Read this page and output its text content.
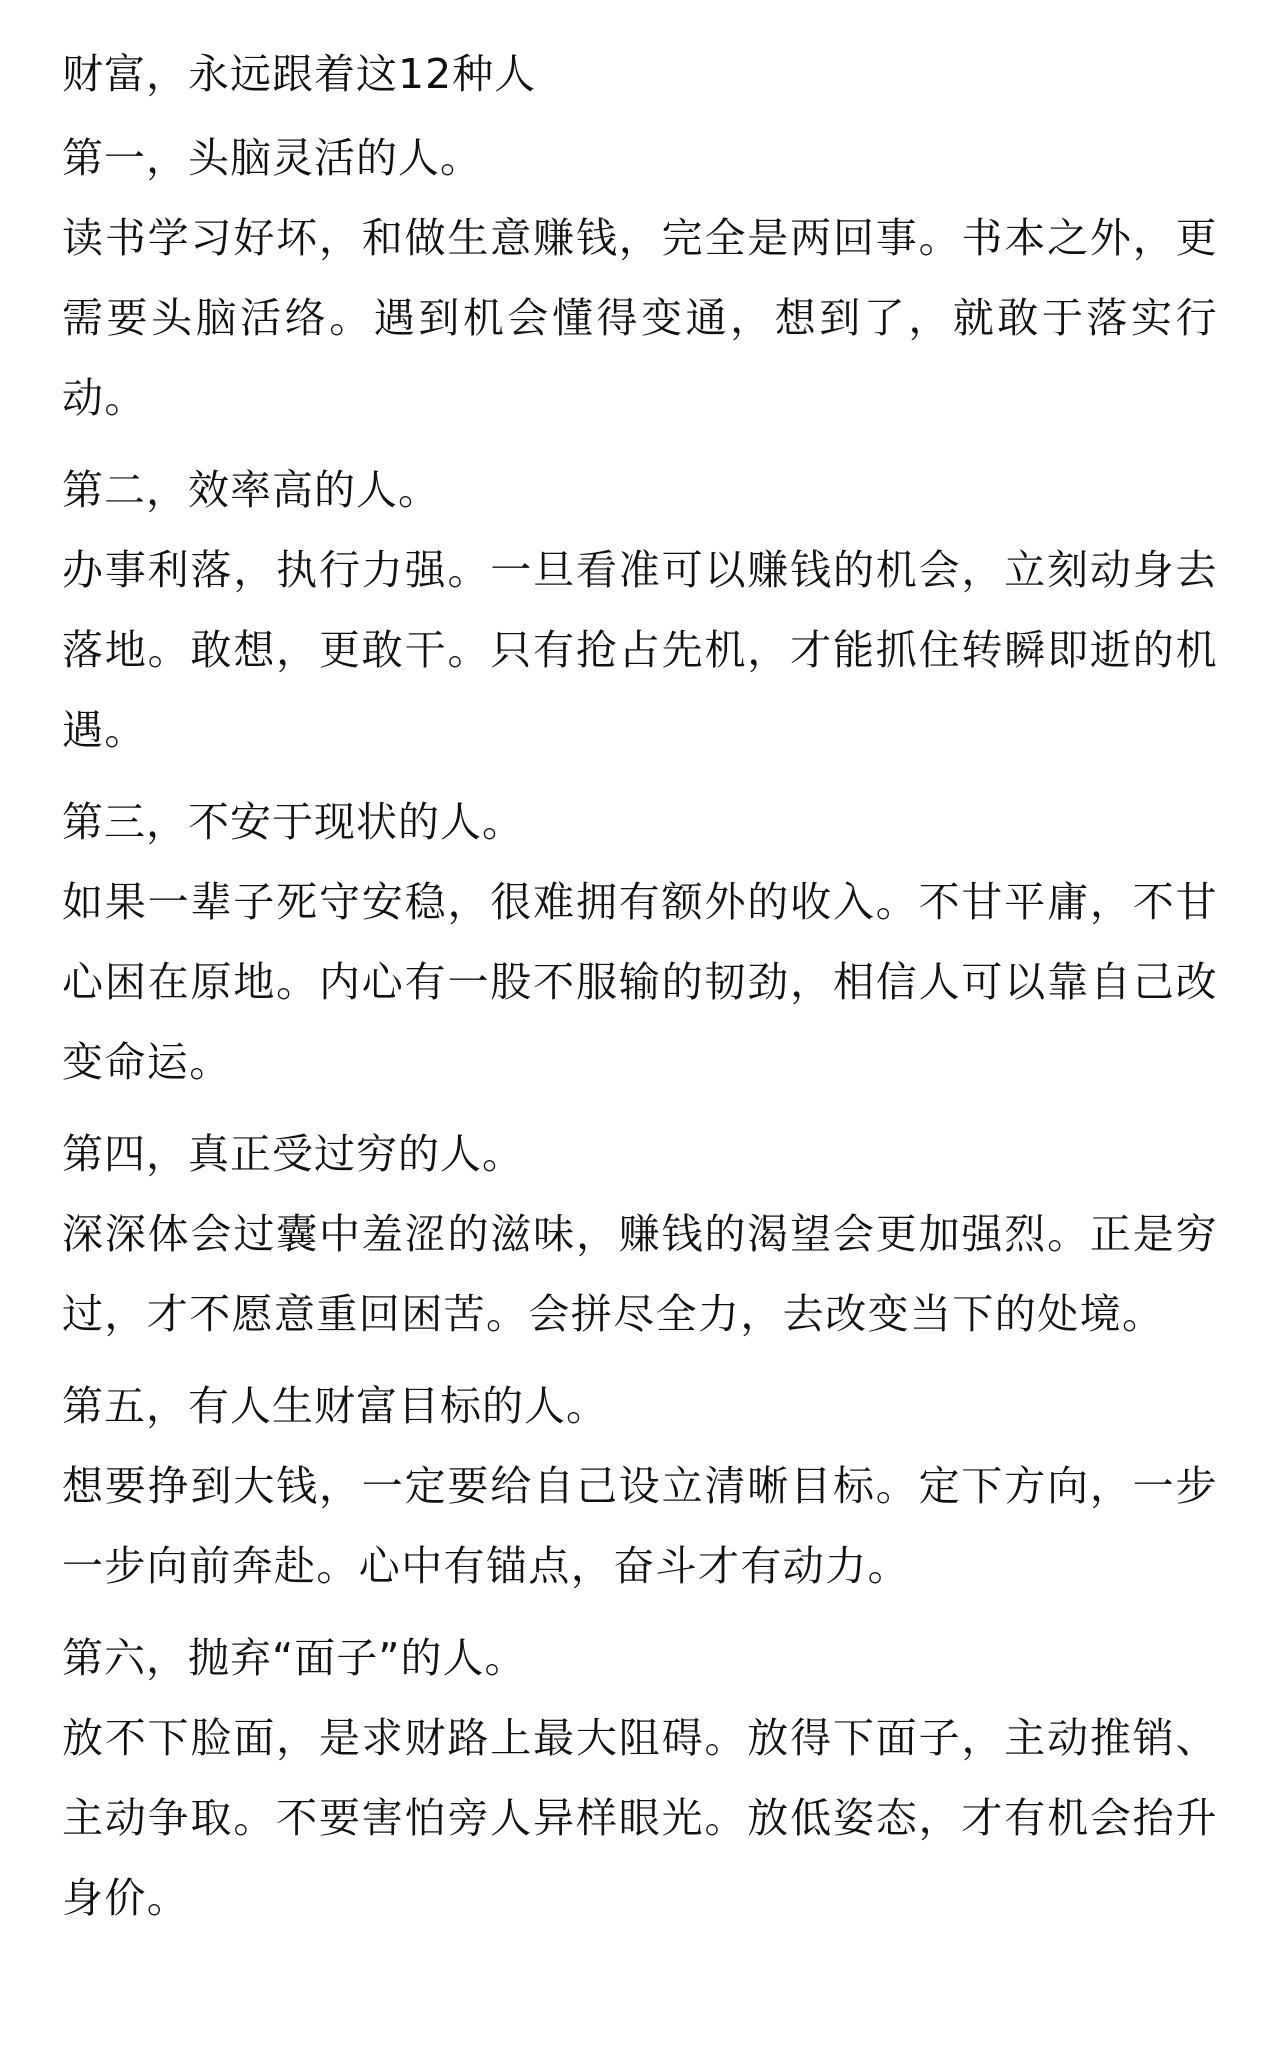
财富，永远跟着这12种人
第一，头脑灵活的人。
读书学习好坏，和做生意赚钱，完全是两回事。书本之外，更需要头脑活络。遇到机会懂得变通，想到了，就敢于落实行动。
第二，效率高的人。
办事利落，执行力强。一旦看准可以赚钱的机会，立刻动身去落地。敢想，更敢干。只有抢占先机，才能抓住转瞬即逝的机遇。
第三，不安于现状的人。
如果一辈子死守安稳，很难拥有额外的收入。不甘平庸，不甘心困在原地。内心有一股不服输的韧劲，相信人可以靠自己改变命运。
第四，真正受过穷的人。
深深体会过囊中羞涩的滋味，赚钱的渴望会更加强烈。正是穷过，才不愿意重回困苦。会拼尽全力，去改变当下的处境。
第五，有人生财富目标的人。
想要挣到大钱，一定要给自己设立清晰目标。定下方向，一步一步向前奔赴。心中有锚点，奋斗才有动力。
第六，抛弃“面子”的人。
放不下脸面，是求财路上最大阻碍。放得下面子，主动推销、主动争取。不要害怕旁人异样眼光。放低姿态，才有机会抬升身价。
